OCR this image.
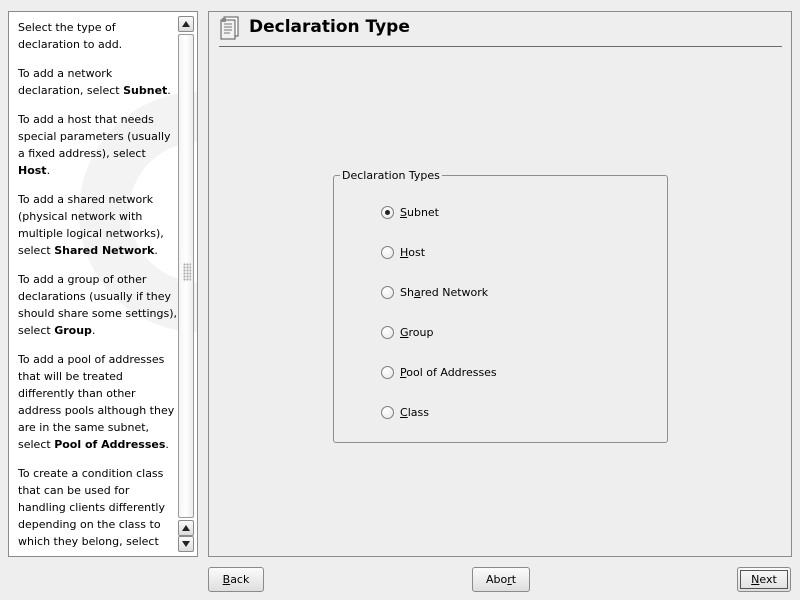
Select the type of declaration to add.

To add a network declaration, select Subnet.

To add a host that needs special parameters (usually a fixed address), select Host.

To add a shared network (physical network with multiple logical networks), select Shared Network.

To add a group of other declarations (usually if they should share some settings), select Group.

To add a pool of addresses that will be treated differently than other address pools although they are in the same subnet, select Pool of Addresses.

To create a condition class that can be used for handling clients differently depending on the class to which they belong, select

Declaration Type
Declaration Types
Subnet
Host
Shared Network
Group
Pool of Addresses
Class
Back	Abort	Next
